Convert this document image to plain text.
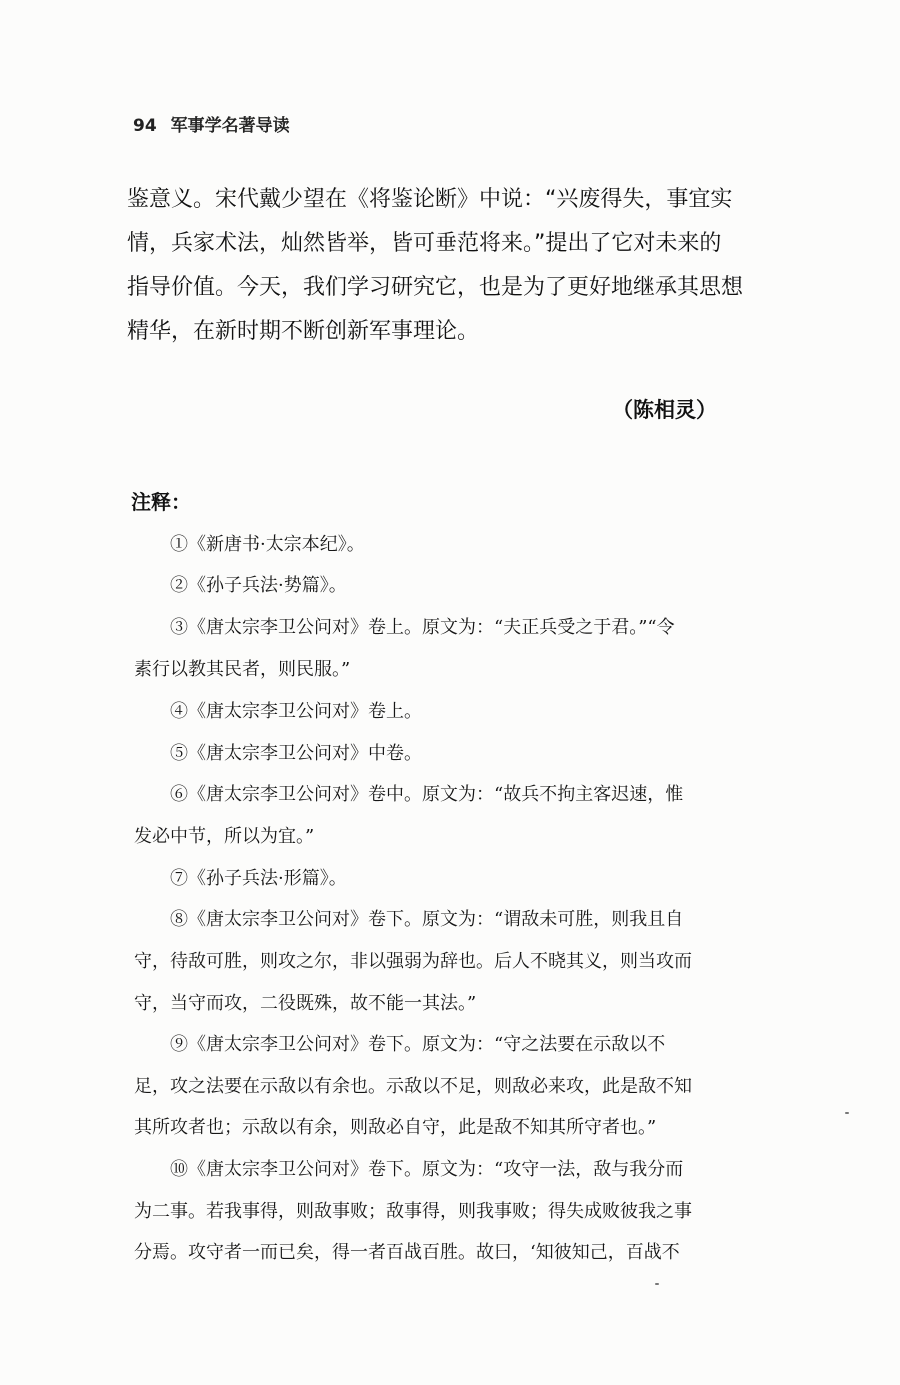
94 军事学名著导读

鉴意义。宋代戴少望在《将鉴论断》中说：“兴废得失，事宜实
情，兵家术法，灿然皆举，皆可垂范将来。”提出了它对未来的
指导价值。今天，我们学习研究它，也是为了更好地继承其思想
精华，在新时期不断创新军事理论。

（陈相灵）
注释：
①《新唐书·太宗本纪》。
②《孙子兵法·势篇》。
③《唐太宗李卫公问对》卷上。原文为：“夫正兵受之于君。”“令
素行以教其民者，则民服。”
④《唐太宗李卫公问对》卷上。
⑤《唐太宗李卫公问对》中卷。
⑥《唐太宗李卫公问对》卷中。原文为：“故兵不拘主客迟速，惟
发必中节，所以为宜。”
⑦《孙子兵法·形篇》。
⑧《唐太宗李卫公问对》卷下。原文为：“谓敌未可胜，则我且自
守，待敌可胜，则攻之尔，非以强弱为辞也。后人不晓其义，则当攻而
守，当守而攻，二役既殊，故不能一其法。”
⑨《唐太宗李卫公问对》卷下。原文为：“守之法要在示敌以不
足，攻之法要在示敌以有余也。示敌以不足，则敌必来攻，此是敌不知
其所攻者也；示敌以有余，则敌必自守，此是敌不知其所守者也。”
⑩《唐太宗李卫公问对》卷下。原文为：“攻守一法，敌与我分而
为二事。若我事得，则敌事败；敌事得，则我事败；得失成败彼我之事
分焉。攻守者一而已矣，得一者百战百胜。故曰，‘知彼知己，百战不
